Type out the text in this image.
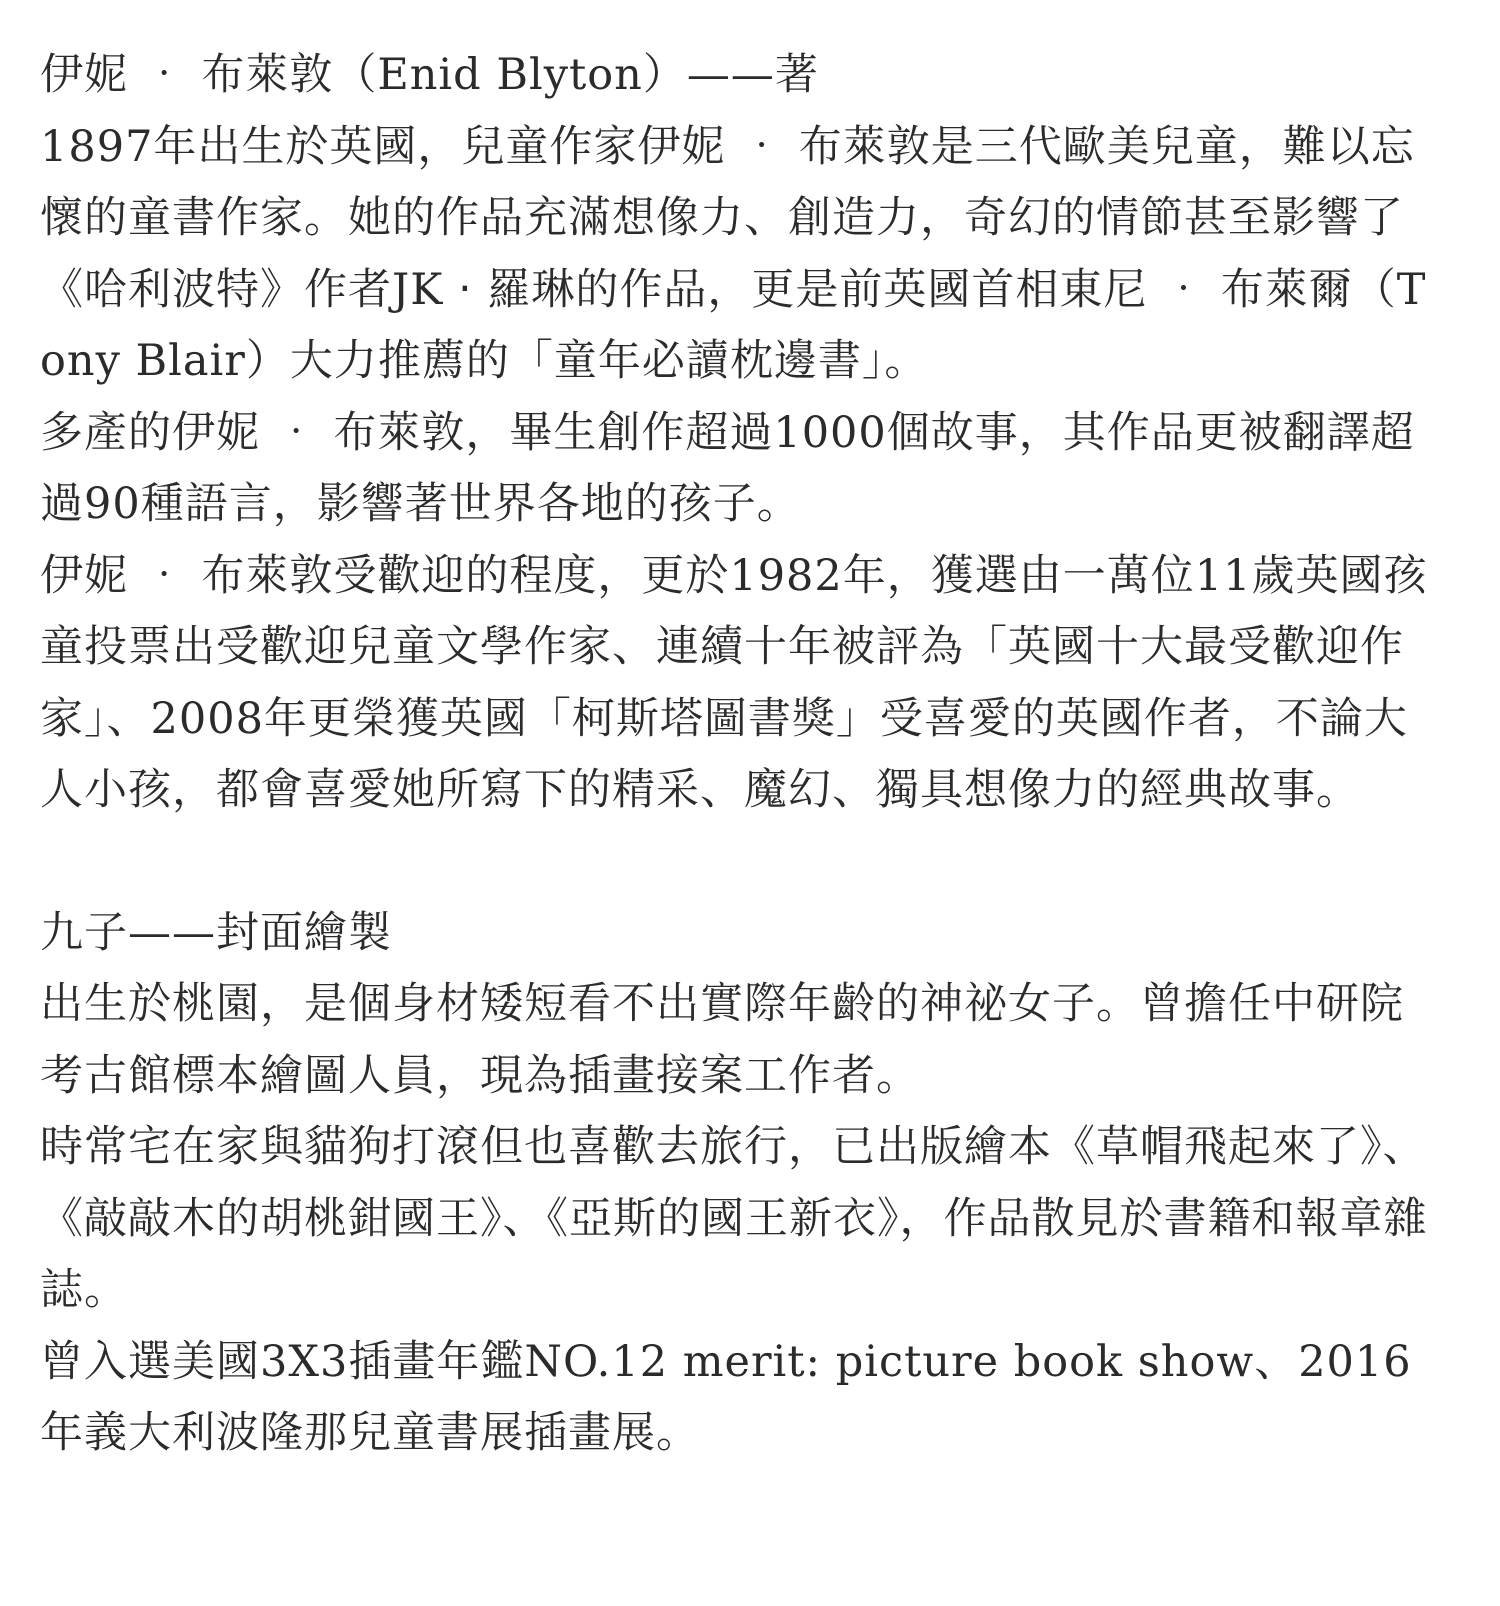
伊妮 ‧ 布萊敦（Enid Blyton）——著

1897年出生於英國，兒童作家伊妮 ‧ 布萊敦是三代歐美兒童，難以忘懷的童書作家。她的作品充滿想像力、創造力，奇幻的情節甚至影響了《哈利波特》作者JK ‧ 羅琳的作品，更是前英國首相東尼 ‧ 布萊爾（Tony Blair）大力推薦的「童年必讀枕邊書」。

多產的伊妮 ‧ 布萊敦，畢生創作超過1000個故事，其作品更被翻譯超過90種語言，影響著世界各地的孩子。

伊妮 ‧ 布萊敦受歡迎的程度，更於1982年，獲選由一萬位11歲英國孩童投票出受歡迎兒童文學作家、連續十年被評為「英國十大最受歡迎作家」、2008年更榮獲英國「柯斯塔圖書獎」受喜愛的英國作者，不論大人小孩，都會喜愛她所寫下的精采、魔幻、獨具想像力的經典故事。

九子——封面繪製

出生於桃園，是個身材矮短看不出實際年齡的神祕女子。曾擔任中研院考古館標本繪圖人員，現為插畫接案工作者。

時常宅在家與貓狗打滾但也喜歡去旅行，已出版繪本《草帽飛起來了》、《敲敲木的胡桃鉗國王》、《亞斯的國王新衣》，作品散見於書籍和報章雜誌。

曾入選美國3X3插畫年鑑NO.12 merit: picture book show、2016年義大利波隆那兒童書展插畫展。
